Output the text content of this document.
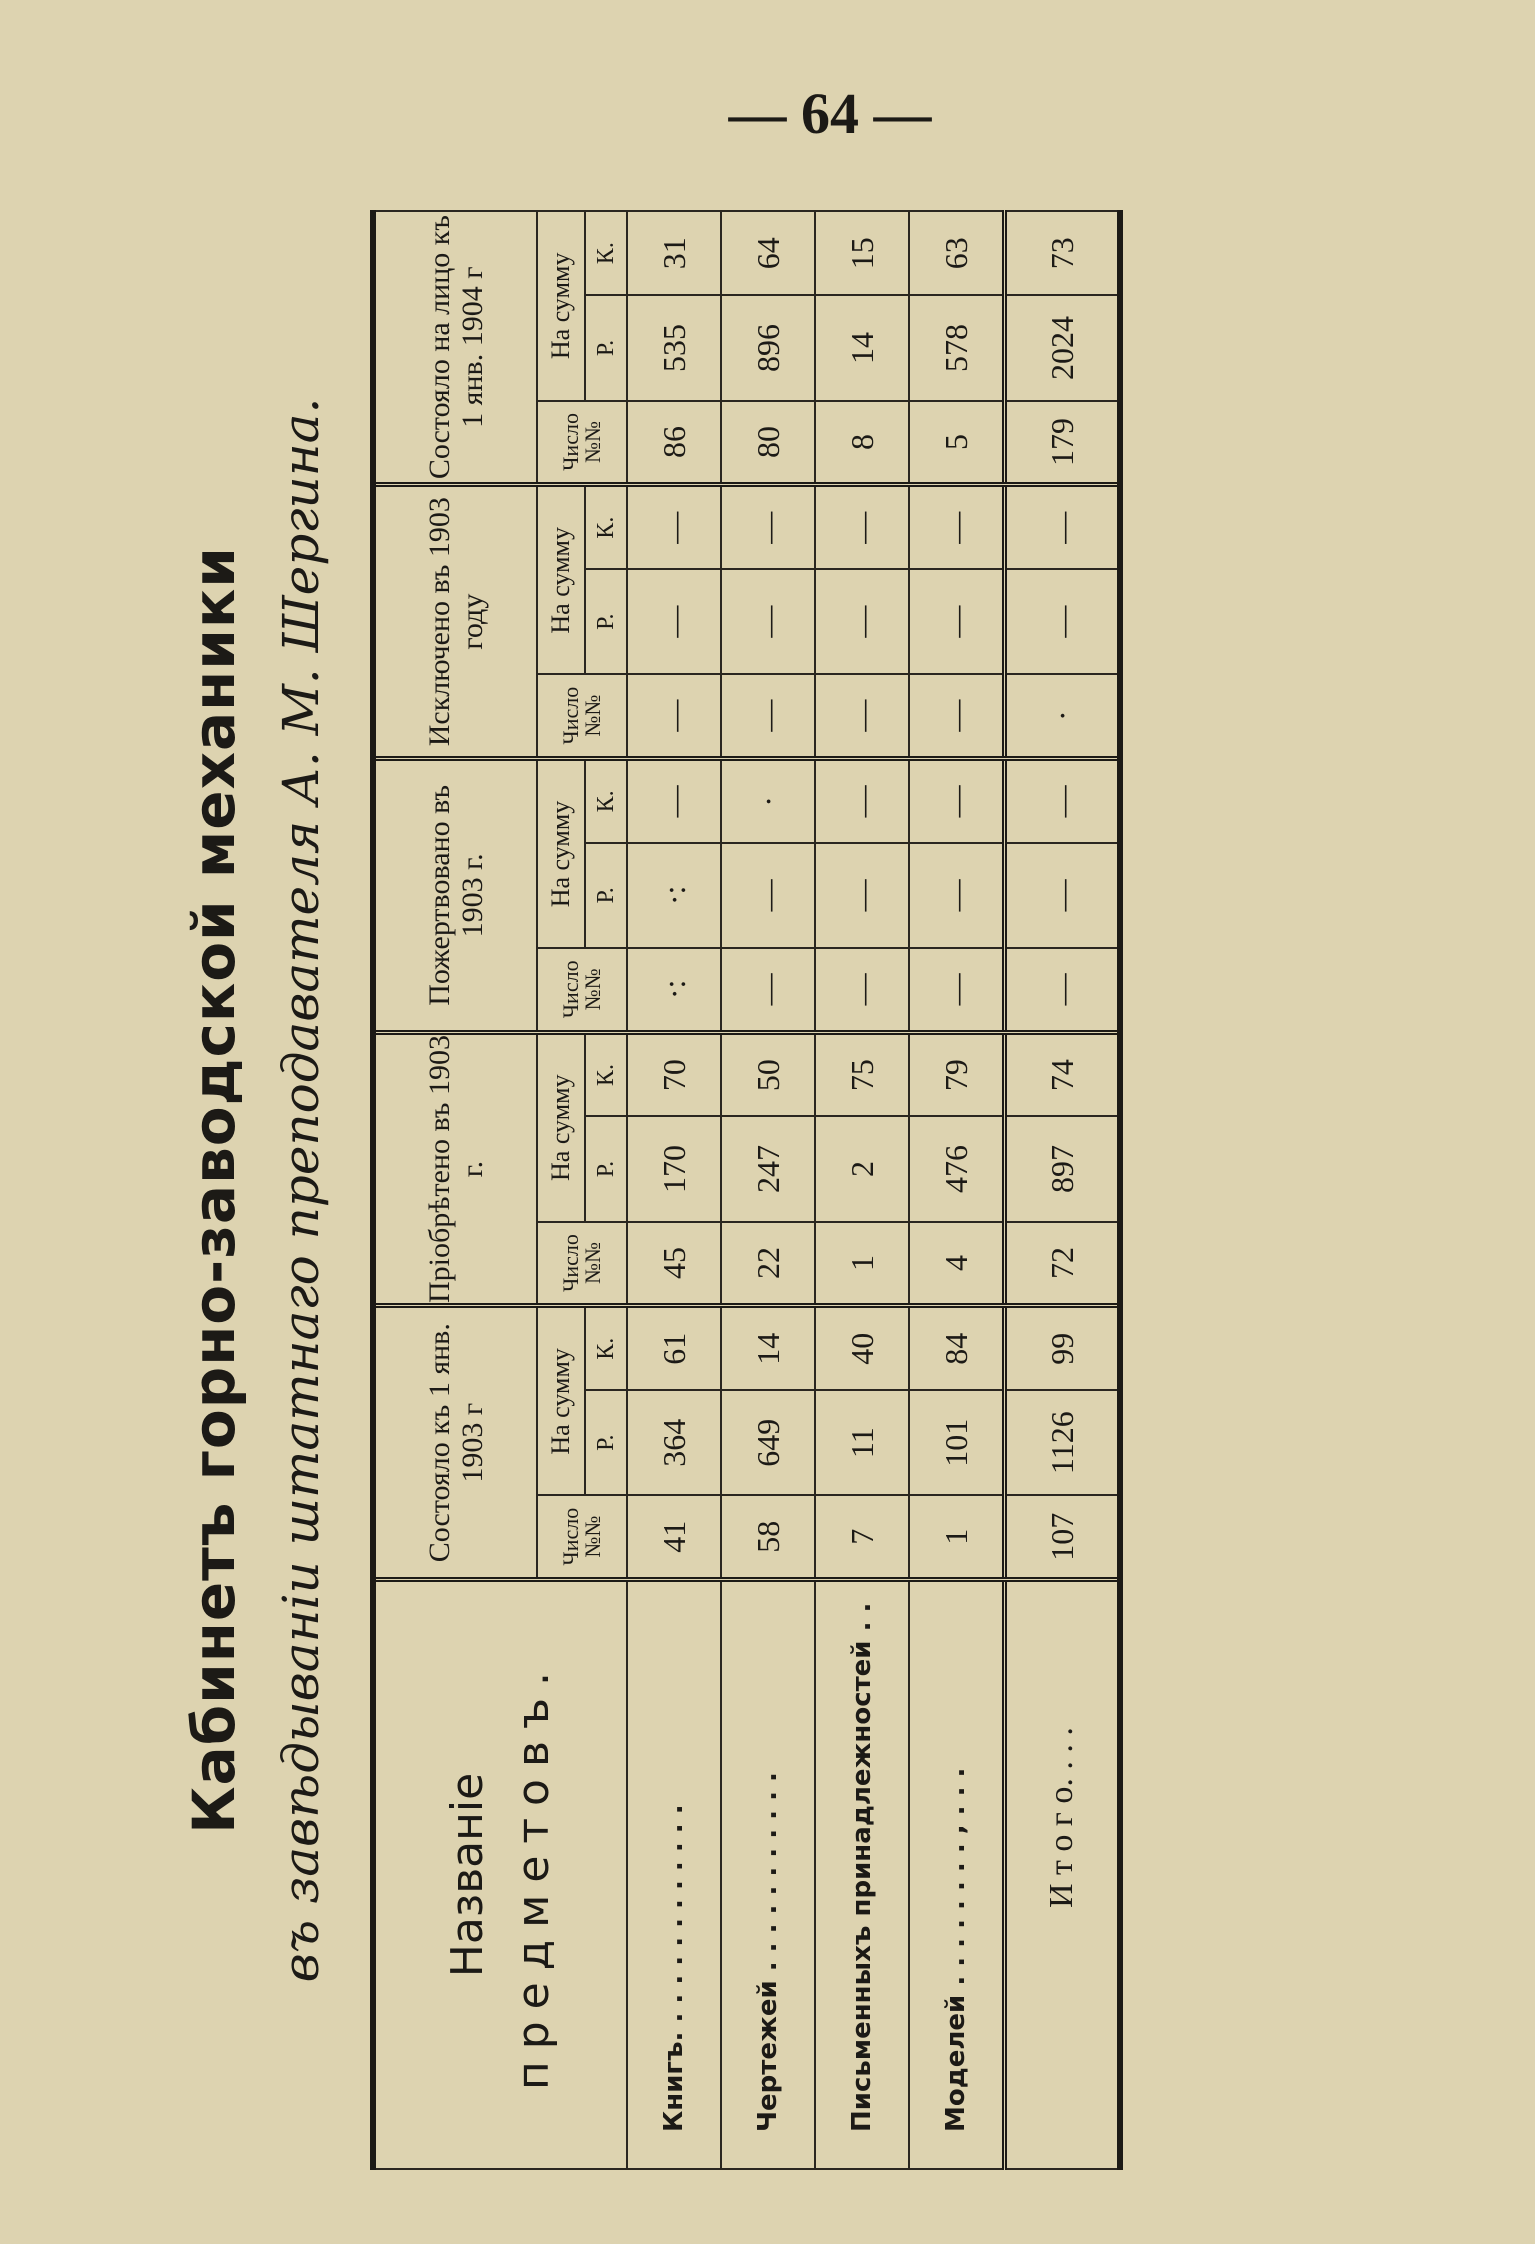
— 64 —
Кабинетъ горно-заводской механики въ завѣдываніи штатнаго преподавателя А. М. Шергина.	Названіе предметовъ.	Состояло къ 1 янв. 1903 г			Пріобрѣтено въ 1903 г.			Пожертвовано въ 1903 г.			Исключено въ 1903 году			Состояло на лицо къ 1 янв. 1904 г		
	Число №№	На сумму		Число №№	На сумму		Число №№	На сумму		Число №№	На сумму		Число №№	На сумму	
		Р.	К.		Р.	К.		Р.	К.		Р.	К.		Р.	К.
Книгъ. . . . . . . . . . . . .	41	364	61	45	170	70	·:	·:	—	—	—	—	86	535	31
Чертежей . . . . . . . . . . .	58	649	14	22	247	50	—	—	·	—	—	—	80	896	64
Письменныхъ принадлежностей . .	7	11	40	1	2	75	—	—	—	—	—	—	8	14	15
Моделей . . . . . . . . , . . .	1	101	84	4	476	79	—	—	—	—	—	—	5	578	63
И т о г о. . . .	107	1126	99	72	897	74	—	—	—	·	—	—	179	2024	73
